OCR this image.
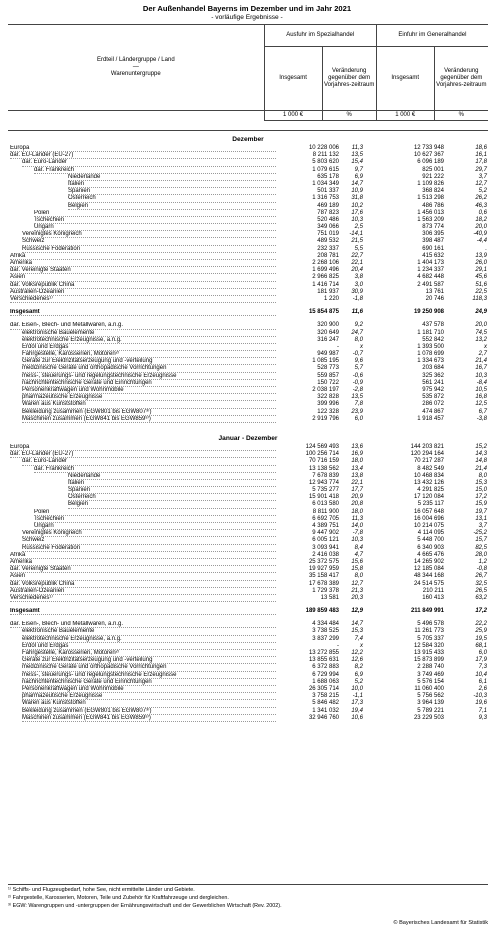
Der Außenhandel Bayerns im Dezember und im Jahr 2021
- vorläufige Ergebnisse -
Erdteil / Ländergruppe / Land
—
Warenuntergruppe	Ausfuhr im Spezialhandel		Einfuhr im Generalhandel	
	Insgesamt	Veränderung gegenüber dem Vorjahres-zeitraum	Insgesamt	Veränderung gegenüber dem Vorjahres-zeitraum
	1 000 €	%	1 000 €	%
Dezember
Europa	10 228 006	11,3	12 733 948	18,6
dar. EU-Länder (EU-27)	8 211 132	13,5	10 627 367	16,1
dar. Euro-Länder	5 803 620	15,4	6 096 189	17,8
dar. Frankreich	1 079 615	9,7	825 001	29,7
Niederlande	635 178	6,9	921 222	3,7
Italien	1 034 349	14,7	1 109 826	12,7
Spanien	501 337	10,9	368 824	5,2
Österreich	1 316 753	31,8	1 513 298	26,2
Belgien	469 189	10,2	486 786	46,3
Polen	787 823	17,6	1 456 013	0,6
Tschechien	520 486	10,3	1 563 209	18,2
Ungarn	349 066	2,5	873 774	20,0
Vereinigtes Königreich	751 019	-14,1	306 395	-40,9
Schweiz	489 532	21,5	398 487	-4,4
Russische Föderation	232 337	5,5	690 161	.
Afrika	208 781	22,7	415 632	13,9
Amerika	2 268 106	22,1	1 404 173	26,0
dar. Vereinigte Staaten	1 699 496	20,4	1 234 337	29,1
Asien	2 966 825	3,8	4 682 448	45,6
dar. Volksrepublik China	1 416 714	3,0	2 491 587	51,6
Australien-Ozeanien	181 937	30,9	13 761	22,5
Verschiedenes¹⁾	1 220	-1,8	20 746	118,3
Insgesamt	15 854 875	11,6	19 250 908	24,9
dar. Eisen-, Blech- und Metallwaren, a.n.g.	320 900	9,2	437 578	20,0
elektronische Bauelemente	320 649	24,7	1 181 710	74,5
elektrotechnische Erzeugnisse, a.n.g.	316 247	8,0	552 842	13,2
Erdöl und Erdgas	-	x	1 393 500	x
Fahrgestelle, Karosserien, Motoren²⁾	949 987	-0,7	1 078 699	2,7
Geräte zur Elektrizitätserzeugung und -verteilung	1 085 195	9,6	1 334 673	21,4
medizinische Geräte und orthopädische Vorrichtungen	528 773	5,7	203 684	16,7
mess-, steuerungs- und regelungstechnische Erzeugnisse	559 857	-0,6	325 362	10,3
nachrichtentechnische Geräte und Einrichtungen	150 722	-0,9	561 241	-8,4
Personenkraftwagen und Wohnmobile	2 038 197	-2,8	975 942	10,5
pharmazeutische Erzeugnisse	322 828	13,5	535 872	16,8
Waren aus Kunststoffen	399 996	7,8	286 072	12,5
Bekleidung zusammen (EGW801 bis EGW807³⁾)	122 328	23,9	474 867	6,7
Maschinen zusammen (EGW841 bis EGW859³⁾)	2 919 796	6,0	1 918 457	-3,8
Januar - Dezember
Europa	124 569 493	13,6	144 203 821	15,2
dar. EU-Länder (EU-27)	100 256 714	16,9	120 294 164	14,3
dar. Euro-Länder	70 716 159	18,0	70 217 287	14,8
dar. Frankreich	13 138 562	13,4	8 482 549	21,4
Niederlande	7 678 839	13,8	10 468 834	8,0
Italien	12 943 774	22,1	13 432 126	15,3
Spanien	5 735 277	17,7	4 291 825	15,0
Österreich	15 901 418	20,9	17 120 084	17,2
Belgien	6 013 580	20,8	5 235 117	15,9
Polen	8 811 900	18,0	16 057 648	19,7
Tschechien	6 692 705	11,3	16 004 696	13,1
Ungarn	4 389 751	14,0	10 214 075	3,7
Vereinigtes Königreich	9 447 902	-7,8	4 114 095	-25,2
Schweiz	6 005 121	10,3	5 448 700	15,7
Russische Föderation	3 093 941	8,4	6 340 903	82,5
Afrika	2 416 038	4,7	4 665 476	28,0
Amerika	25 372 575	15,6	14 265 902	1,2
dar. Vereinigte Staaten	19 927 959	15,8	12 185 084	-0,8
Asien	35 158 417	8,0	48 344 168	26,7
dar. Volksrepublik China	17 678 389	12,7	24 514 575	32,5
Australien-Ozeanien	1 729 378	21,3	210 211	26,5
Verschiedenes¹⁾	13 581	20,3	160 413	63,2
Insgesamt	189 859 483	12,9	211 849 991	17,2
dar. Eisen-, Blech- und Metallwaren, a.n.g.	4 334 484	14,7	5 496 578	22,2
elektronische Bauelemente	3 738 525	15,3	11 261 773	25,9
elektrotechnische Erzeugnisse, a.n.g.	3 837 299	7,4	5 705 337	19,5
Erdöl und Erdgas	-	x	12 584 320	68,1
Fahrgestelle, Karosserien, Motoren²⁾	13 272 855	12,2	13 915 433	6,0
Geräte zur Elektrizitätserzeugung und -verteilung	13 855 631	12,6	15 873 899	17,9
medizinische Geräte und orthopädische Vorrichtungen	6 372 883	8,2	2 288 740	7,3
mess-, steuerungs- und regelungstechnische Erzeugnisse	6 729 994	6,9	3 749 469	10,4
nachrichtentechnische Geräte und Einrichtungen	1 688 063	5,2	5 576 154	6,1
Personenkraftwagen und Wohnmobile	26 305 714	10,0	11 060 400	2,6
pharmazeutische Erzeugnisse	3 758 215	-1,1	5 756 562	-10,3
Waren aus Kunststoffen	5 846 482	17,3	3 964 139	19,6
Bekleidung zusammen (EGW801 bis EGW807³⁾)	1 341 032	19,4	5 789 221	7,1
Maschinen zusammen (EGW841 bis EGW859³⁾)	32 946 760	10,6	23 229 503	9,3
¹⁾ Schiffs- und Flugzeugbedarf, hohe See, nicht ermittelte Länder und Gebiete.
²⁾ Fahrgestelle, Karosserien, Motoren, Teile und Zubehör für Kraftfahrzeuge und dergleichen.
³⁾ EGW: Warengruppen und -untergruppen der Ernährungswirtschaft und der Gewerblichen Wirtschaft (Rev. 2002).
© Bayerisches Landesamt für Statistik
